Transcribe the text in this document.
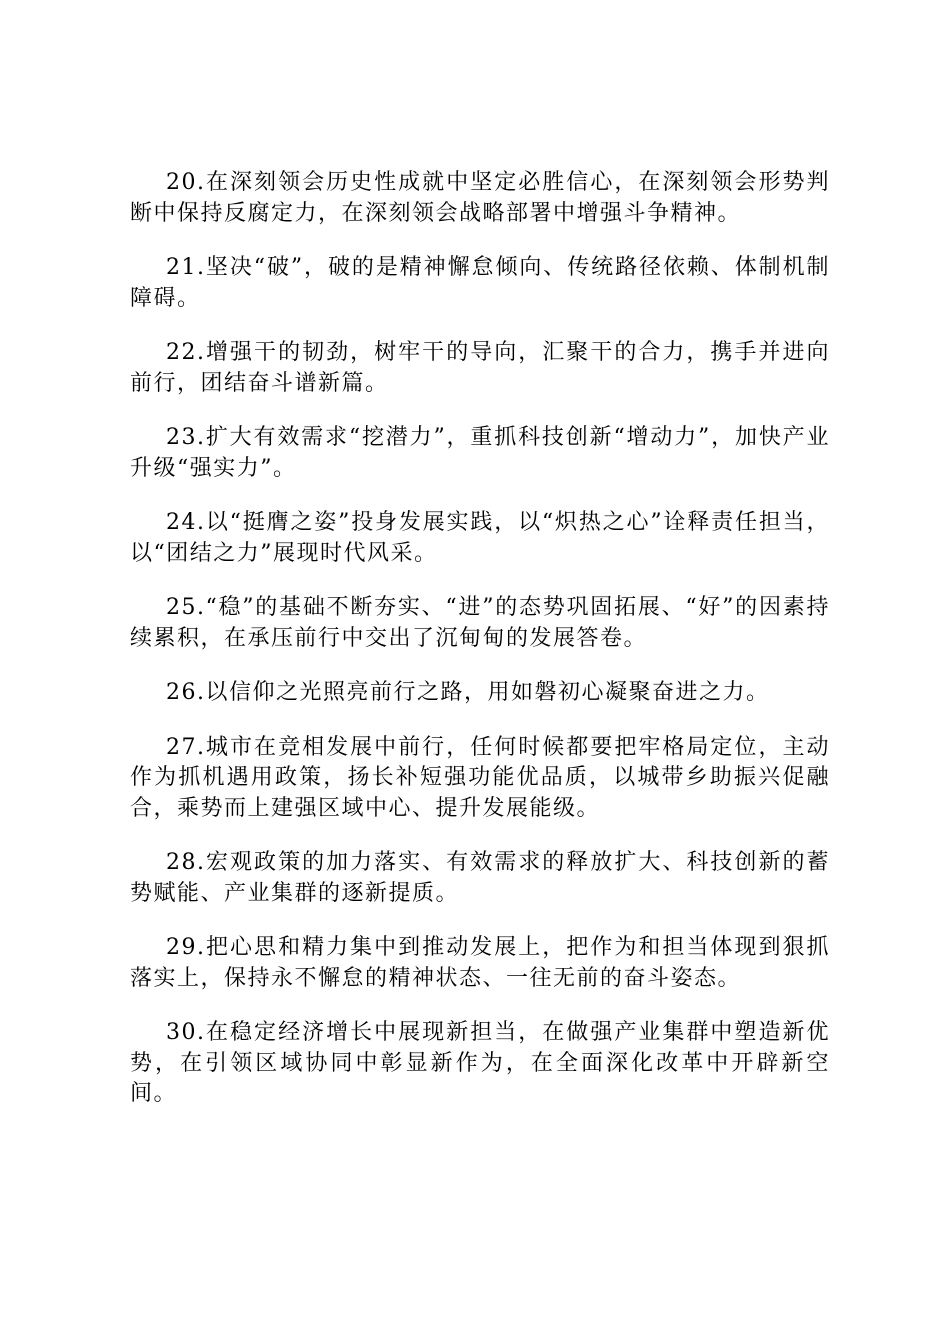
20.在深刻领会历史性成就中坚定必胜信心，在深刻领会形势判断中保持反腐定力，在深刻领会战略部署中增强斗争精神。

21.坚决“破”，破的是精神懈怠倾向、传统路径依赖、体制机制障碍。

22.增强干的韧劲，树牢干的导向，汇聚干的合力，携手并进向前行，团结奋斗谱新篇。

23.扩大有效需求“挖潜力”，重抓科技创新“增动力”，加快产业升级“强实力”。

24.以“挺膺之姿”投身发展实践，以“炽热之心”诠释责任担当，以“团结之力”展现时代风采。

25.“稳”的基础不断夯实、“进”的态势巩固拓展、“好”的因素持续累积，在承压前行中交出了沉甸甸的发展答卷。

26.以信仰之光照亮前行之路，用如磐初心凝聚奋进之力。

27.城市在竞相发展中前行，任何时候都要把牢格局定位，主动作为抓机遇用政策，扬长补短强功能优品质，以城带乡助振兴促融合，乘势而上建强区域中心、提升发展能级。

28.宏观政策的加力落实、有效需求的释放扩大、科技创新的蓄势赋能、产业集群的逐新提质。

29.把心思和精力集中到推动发展上，把作为和担当体现到狠抓落实上，保持永不懈怠的精神状态、一往无前的奋斗姿态。

30.在稳定经济增长中展现新担当，在做强产业集群中塑造新优势，在引领区域协同中彰显新作为，在全面深化改革中开辟新空间。
